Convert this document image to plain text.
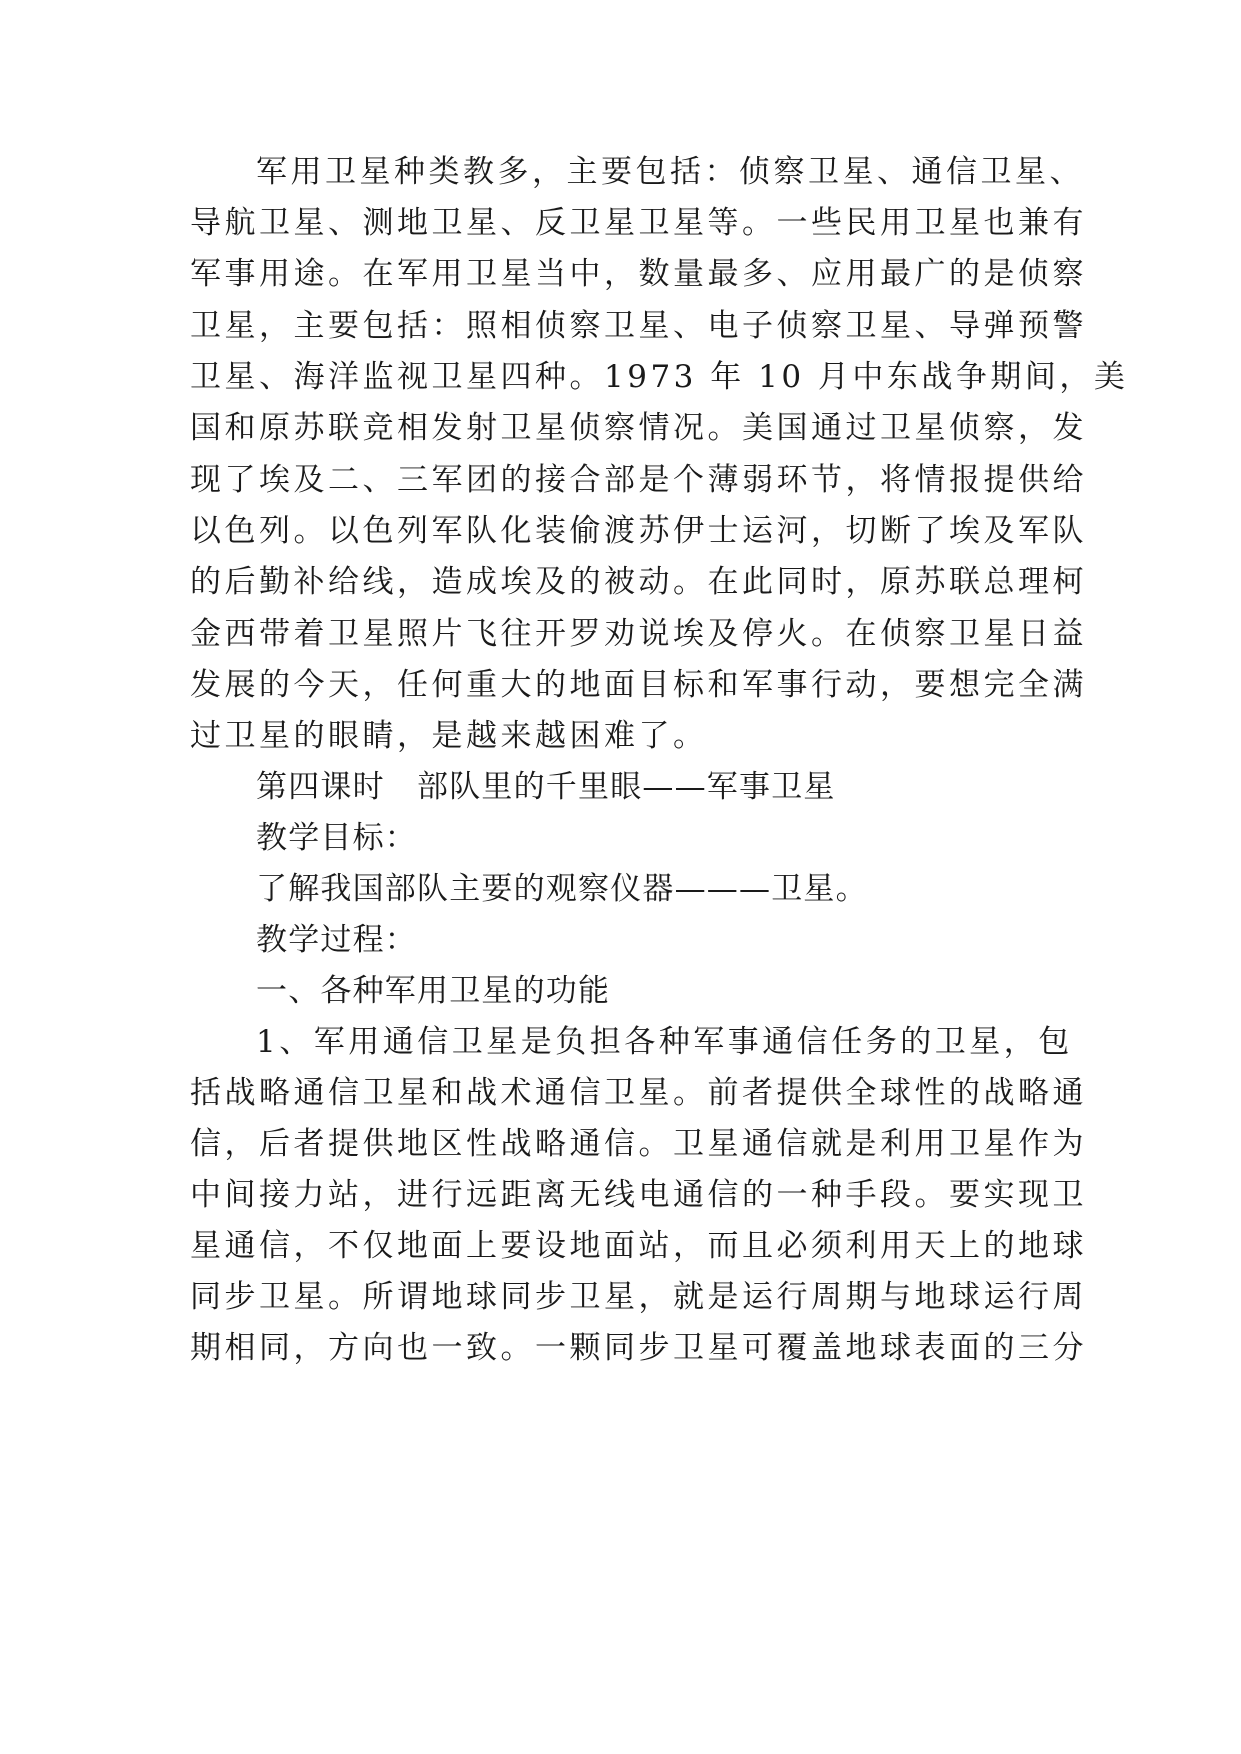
军用卫星种类教多，主要包括：侦察卫星、通信卫星、
导航卫星、测地卫星、反卫星卫星等。一些民用卫星也兼有
军事用途。在军用卫星当中，数量最多、应用最广的是侦察
卫星，主要包括：照相侦察卫星、电子侦察卫星、导弹预警
卫星、海洋监视卫星四种。1973 年 10 月中东战争期间，美
国和原苏联竞相发射卫星侦察情况。美国通过卫星侦察，发
现了埃及二、三军团的接合部是个薄弱环节，将情报提供给
以色列。以色列军队化装偷渡苏伊士运河，切断了埃及军队
的后勤补给线，造成埃及的被动。在此同时，原苏联总理柯
金西带着卫星照片飞往开罗劝说埃及停火。在侦察卫星日益
发展的今天，任何重大的地面目标和军事行动，要想完全满
过卫星的眼睛，是越来越困难了。
第四课时　部队里的千里眼——军事卫星
教学目标：
了解我国部队主要的观察仪器———卫星。
教学过程：
一、各种军用卫星的功能
1、军用通信卫星是负担各种军事通信任务的卫星，包
括战略通信卫星和战术通信卫星。前者提供全球性的战略通
信，后者提供地区性战略通信。卫星通信就是利用卫星作为
中间接力站，进行远距离无线电通信的一种手段。要实现卫
星通信，不仅地面上要设地面站，而且必须利用天上的地球
同步卫星。所谓地球同步卫星，就是运行周期与地球运行周
期相同，方向也一致。一颗同步卫星可覆盖地球表面的三分
